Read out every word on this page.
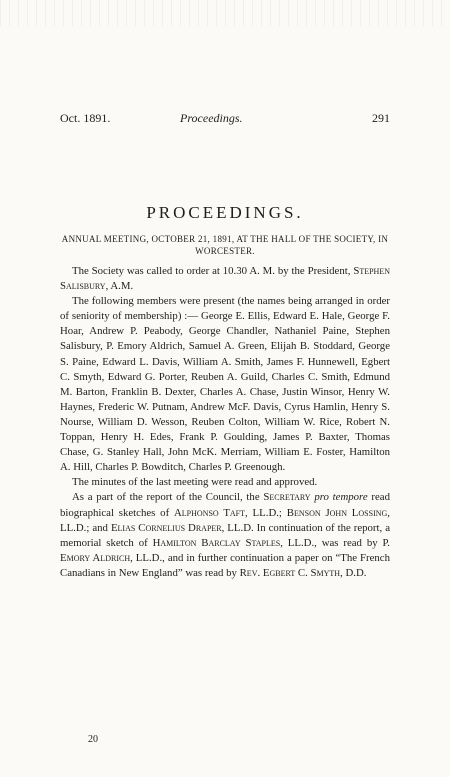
Oct. 1891.	Proceedings.	291
PROCEEDINGS.
ANNUAL MEETING, OCTOBER 21, 1891, AT THE HALL OF THE SOCIETY, IN WORCESTER.

The Society was called to order at 10.30 A. M. by the President, Stephen Salisbury, A.M.

The following members were present (the names being arranged in order of seniority of membership) :— George E. Ellis, Edward E. Hale, George F. Hoar, Andrew P. Peabody, George Chandler, Nathaniel Paine, Stephen Salisbury, P. Emory Aldrich, Samuel A. Green, Elijah B. Stoddard, George S. Paine, Edward L. Davis, William A. Smith, James F. Hunnewell, Egbert C. Smyth, Edward G. Porter, Reuben A. Guild, Charles C. Smith, Edmund M. Barton, Franklin B. Dexter, Charles A. Chase, Justin Winsor, Henry W. Haynes, Frederic W. Putnam, Andrew McF. Davis, Cyrus Hamlin, Henry S. Nourse, William D. Wesson, Reuben Colton, William W. Rice, Robert N. Toppan, Henry H. Edes, Frank P. Goulding, James P. Baxter, Thomas Chase, G. Stanley Hall, John McK. Merriam, William E. Foster, Hamilton A. Hill, Charles P. Bowditch, Charles P. Greenough.

The minutes of the last meeting were read and approved.

As a part of the report of the Council, the Secretary pro tempore read biographical sketches of Alphonso Taft, LL.D.; Benson John Lossing, LL.D.; and Elias Cornelius Draper, LL.D. In continuation of the report, a memorial sketch of Hamilton Barclay Staples, LL.D., was read by P. Emory Aldrich, LL.D., and in further continuation a paper on “The French Canadians in New England” was read by Rev. Egbert C. Smyth, D.D.

20
